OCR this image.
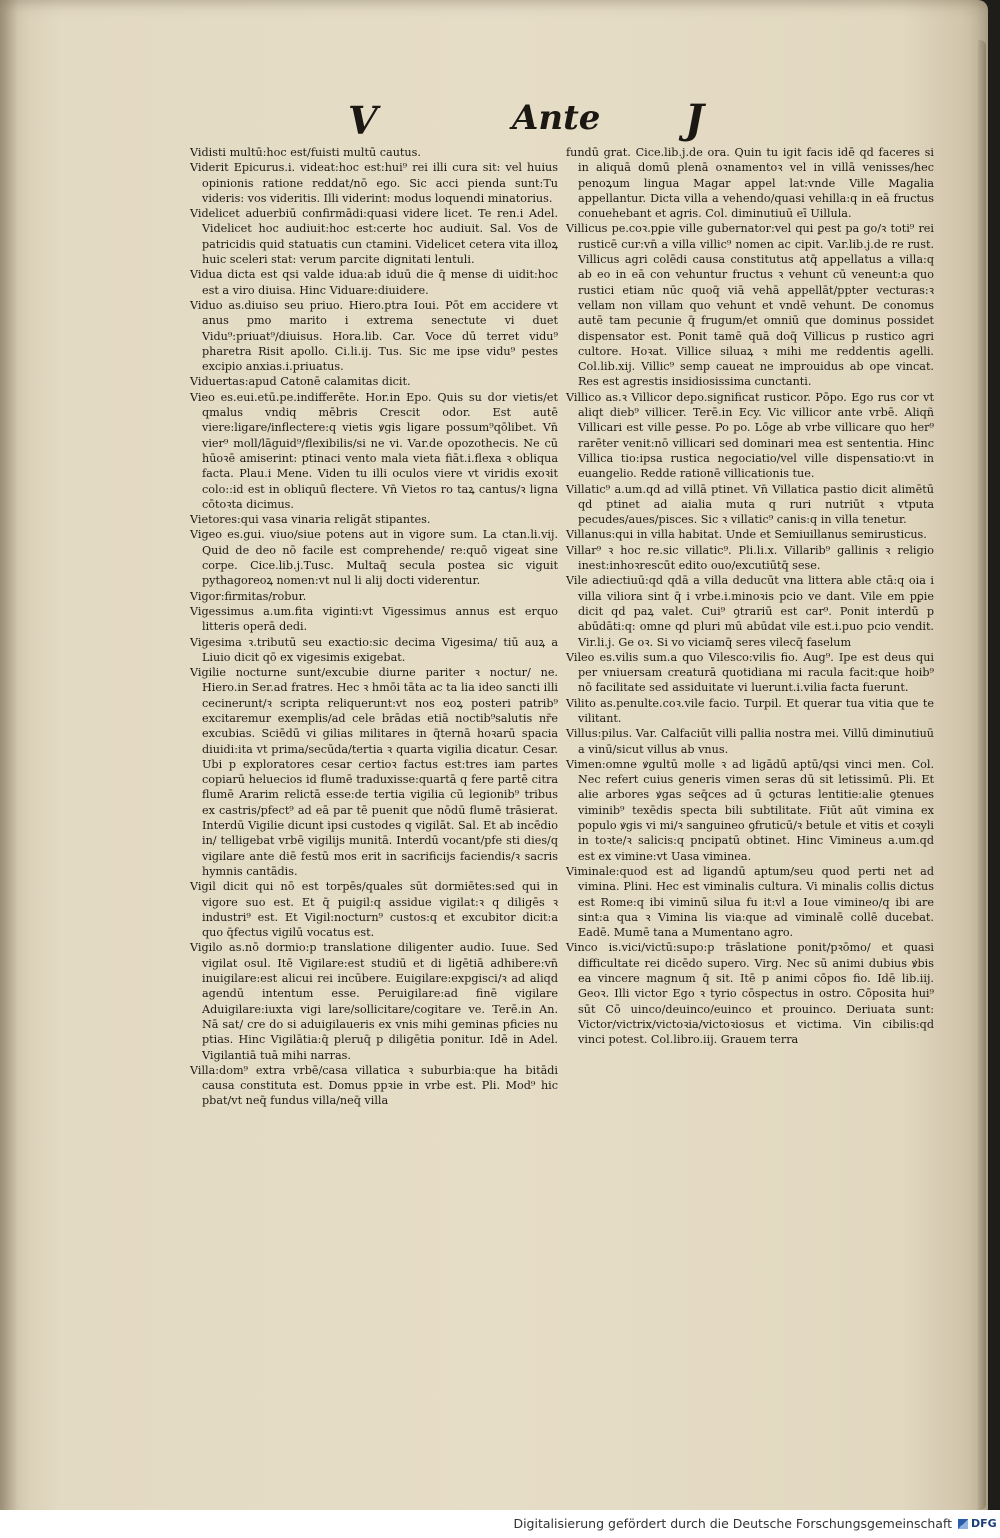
V	Ante J

Vidisti multū:hoc est/fuisti multū cautus.

Viderit Epicurus.i. videat:hoc est:hui⁹ rei illi cura sit: vel huius opinionis ratione reddat/nō ego. Sic acci pienda sunt:Tu videris: vos videritis. Illi viderint: modus loquendi minatorius.

Videlicet aduerbiū confirmādi:quasi videre licet. Te ren.i Adel. Videlicet hoc audiuit:hoc est:certe hoc audiuit. Sal. Vos de patricidis quid statuatis cun ctamini. Videlicet cetera vita illoꝝ huic sceleri stat: verum parcite dignitati lentuli.

Vidua dicta est qsi valde idua:ab iduū die q̄ mense di uidit:hoc est a viro diuisa. Hinc Viduare:diuidere.

Viduo as.diuiso seu priuo. Hiero.ptra Ioui. Pōt em accidere vt anus pmo marito i extrema senectute vi duet Vidu⁹:priuat⁹/diuisus. Hora.lib. Car. Voce dū terret vidu⁹ pharetra Risit apollo. Ci.li.ij. Tus. Sic me ipse vidu⁹ pestes excipio anxias.i.priuatus.

Viduertas:apud Catonē calamitas dicit.

Vieo es.eui.etū.pe.indifferēte. Hor.in Epo. Quis su dor vietis/et qmalus vndiq mēbris Crescit odor. Est autē viere:ligare/inflectere:q vietis ꝟgis ligare possum⁹qōlibet. Vn̄ vier⁹ moll/lāguid⁹/flexibilis/si ne vi. Var.de opozothecis. Ne cū hūoꝛē amiserint: ptinaci vento mala vieta fiāt.i.flexa ꝛ obliqua facta. Plau.i Mene. Viden tu illi oculos viere vt viridis exoꝛit colo::id est in obliquū flectere. Vn̄ Vietos ro taꝝ cantus/ꝛ ligna cōtoꝛta dicimus.

Vietores:qui vasa vinaria religāt stipantes.

Vigeo es.gui. viuo/siue potens aut in vigore sum. La ctan.li.vij. Quid de deo nō facile est comprehende/ re:quō vigeat sine corpe. Cice.lib.j.Tusc. Multaq̄ secula postea sic viguit pythagoreoꝝ nomen:vt nul li alij docti viderentur.

Vigor:firmitas/robur.

Vigessimus a.um.fita viginti:vt Vigessimus annus est erquo litteris operā dedi.

Vigesima ꝛ.tributū seu exactio:sic decima Vigesima/ tiū auꝝ a Liuio dicit qō ex vigesimis exigebat.

Vigilie nocturne sunt/excubie diurne pariter ꝛ noctur/ ne. Hiero.in Ser.ad fratres. Hec ꝛ hmōi tāta ac ta lia ideo sancti illi cecinerunt/ꝛ scripta reliquerunt:vt nos eoꝝ posteri patrib⁹ excitaremur exemplis/ad cele brādas etiā noctib⁹salutis nr̄e excubias. Sciēdū vi gilias militares in q̄ternā hoꝛarū spacia diuidi:ita vt prima/secūda/tertia ꝛ quarta vigilia dicatur. Cesar. Ubi p exploratores cesar certioꝛ factus est:tres iam partes copiarū heluecios id flumē traduxisse:quartā q fere partē citra flumē Ararim relictā esse:de tertia vigilia cū legionib⁹ tribus ex castris/pfect⁹ ad eā par tē puenit que nōdū flumē trāsierat. Interdū Vigilie dicunt ipsi custodes q vigilāt. Sal. Et ab incēdio in/ telligebat vrbē vigilijs munitā. Interdū vocant/pfe sti dies/q vigilare ante diē festū mos erit in sacrificijs faciendis/ꝛ sacris hymnis cantādis.

Vigil dicit qui nō est torpēs/quales sūt dormiētes:sed qui in vigore suo est. Et q̄ puigil:q assidue vigilat:ꝛ q diligēs ꝛ industri⁹ est. Et Vigil:nocturn⁹ custos:q et excubitor dicit:a quo q̄fectus vigilū vocatus est.

Vigilo as.nō dormio:p translatione diligenter audio. Iuue. Sed vigilat osul. Itē Vigilare:est studiū et di ligētiā adhibere:vn̄ inuigilare:est alicui rei incūbere. Euigilare:expgisci/ꝛ ad aliqd agendū intentum esse. Peruigilare:ad finē vigilare Aduigilare:iuxta vigi lare/sollicitare/cogitare ve. Terē.in An. Nā sat/ cre do si aduigilaueris ex vnis mihi geminas pficies nu ptias. Hinc Vigilātia:q̄ pleruq̄ p diligētia ponitur. Idē in Adel. Vigilantiā tuā mihi narras.

Villa:dom⁹ extra vrbē/casa villatica ꝛ suburbia:que ha bitādi causa constituta est. Domus ppꝛie in vrbe est. Pli. Mod⁹ hic pbat/vt neq̄ fundus villa/neq̄ villa

fundū grat. Cice.lib.j.de ora. Quin tu igit facis idē qd faceres si in aliquā domū plenā oꝛnamentoꝛ vel in villā venisses/hec penoꝝum lingua Magar appel lat:vnde Ville Magalia appellantur. Dicta villa a vehendo/quasi vehilla:q in eā fructus conuehebant et agris. Col. diminutiuū eī Uillula.

Villicus pe.coꝛ.pꝑie ville gubernator:vel qui ꝑest pa go/ꝛ toti⁹ rei rusticē cur:vn̄ a villa villic⁹ nomen ac cipit. Var.lib.j.de re rust. Villicus agri colēdi causa constitutus atq̄ appellatus a villa:q ab eo in eā con vehuntur fructus ꝛ vehunt cū veneunt:a quo rustici etiam nūc quoq̄ viā vehā appellāt/ppter vecturas:ꝛ vellam non villam quo vehunt et vndē vehunt. De conomus autē tam pecunie q̄ frugum/et omniū que dominus possidet dispensator est. Ponit tamē quā doq̄ Villicus p rustico agri cultore. Hoꝛat. Villice siluaꝝ ꝛ mihi me reddentis agelli. Col.lib.xij. Villic⁹ semp caueat ne improuidus ab ope vincat. Res est agrestis insidiosissima cunctanti.

Villico as.ꝛ Villicor depo.significat rusticor. Pōpo. Ego rus cor vt aliqt dieb⁹ villicer. Terē.in Ecy. Vic villicor ante vrbē. Aliqñ Villicari est ville ꝑesse. Po po. Lōge ab vrbe villicare quo her⁹ rarēter venit:nō villicari sed dominari mea est sententia. Hinc Villica tio:ipsa rustica negociatio/vel ville dispensatio:vt in euangelio. Redde rationē villicationis tue.

Villatic⁹ a.um.qd ad villā ptinet. Vn̄ Villatica pastio dicit alimētū qd ptinet ad aialia muta q ruri nutriūt ꝛ vtputa pecudes/aues/pisces. Sic ꝛ villatic⁹ canis:q in villa tenetur.

Villanus:qui in villa habitat. Unde et Semiuillanus semirusticus.

Villar⁹ ꝛ hoc re.sic villatic⁹. Pli.li.x. Villarib⁹ gallinis ꝛ religio inest:inhoꝛrescūt edito ouo/excutiūtq̄ sese.

Vile adiectiuū:qd qdā a villa deducūt vna littera able ctā:q oia i villa viliora sint q̄ i vrbe.i.minoꝛis pcio ve dant. Vile em pꝑie dicit qd paꝝ valet. Cui⁹ ꝯtrariū est car⁹. Ponit interdū p abūdāti:q: omne qd pluri mū abūdat vile est.i.puo pcio vendit. Vir.li.j. Ge oꝛ. Si vo viciamq̄ seres vilecq̄ faselum

Vileo es.vilis sum.a quo Vilesco:vilis fio. Aug⁹. Ipe est deus qui per vniuersam creaturā quotidiana mi racula facit:que hoib⁹ nō facilitate sed assiduitate vi luerunt.i.vilia facta fuerunt.

Vilito as.penulte.coꝛ.vile facio. Turpil. Et querar tua vitia que te vilitant.

Villus:pilus. Var. Calfaciūt villi pallia nostra mei. Villū diminutiuū a vinū/sicut villus ab vnus.

Vimen:omne ꝟgultū molle ꝛ ad ligādū aptū/qsi vinci men. Col. Nec refert cuius generis vimen seras dū sit letissimū. Pli. Et alie arbores ꝟgas seq̄ces ad ū ꝯcturas lentitie:alie ꝯtenues viminib⁹ texēdis specta bili subtilitate. Fiūt aūt vimina ex populo ꝟgis vi mi/ꝛ sanguineo ꝯfruticū/ꝛ betule et vitis et coꝛyli in toꝛte/ꝛ salicis:q pncipatū obtinet. Hinc Vimineus a.um.qd est ex vimine:vt Uasa viminea.

Viminale:quod est ad ligandū aptum/seu quod perti net ad vimina. Plini. Hec est viminalis cultura. Vi minalis collis dictus est Rome:q ibi viminū silua fu it:vl a Ioue vimineo/q ibi are sint:a qua ꝛ Vimina lis via:que ad viminalē collē ducebat. Eadē. Mumē tana a Mumentano agro.

Vinco is.vici/victū:supo:p trāslatione ponit/pꝛōmo/ et quasi difficultate rei dicēdo supero. Virg. Nec sū animi dubius ꝟbis ea vincere magnum q̄ sit. Itē p animi cōpos fio. Idē lib.iij. Geoꝛ. Illi victor Ego ꝛ tyrio cōspectus in ostro. Cōposita hui⁹ sūt Cō uinco/deuinco/euinco et prouinco. Deriuata sunt: Victor/victrix/victoꝛia/victoꝛiosus et victima. Vin cibilis:qd vinci potest. Col.libro.iij. Grauem terra

Digitalisierung gefördert durch die Deutsche Forschungsgemeinschaft DFG
